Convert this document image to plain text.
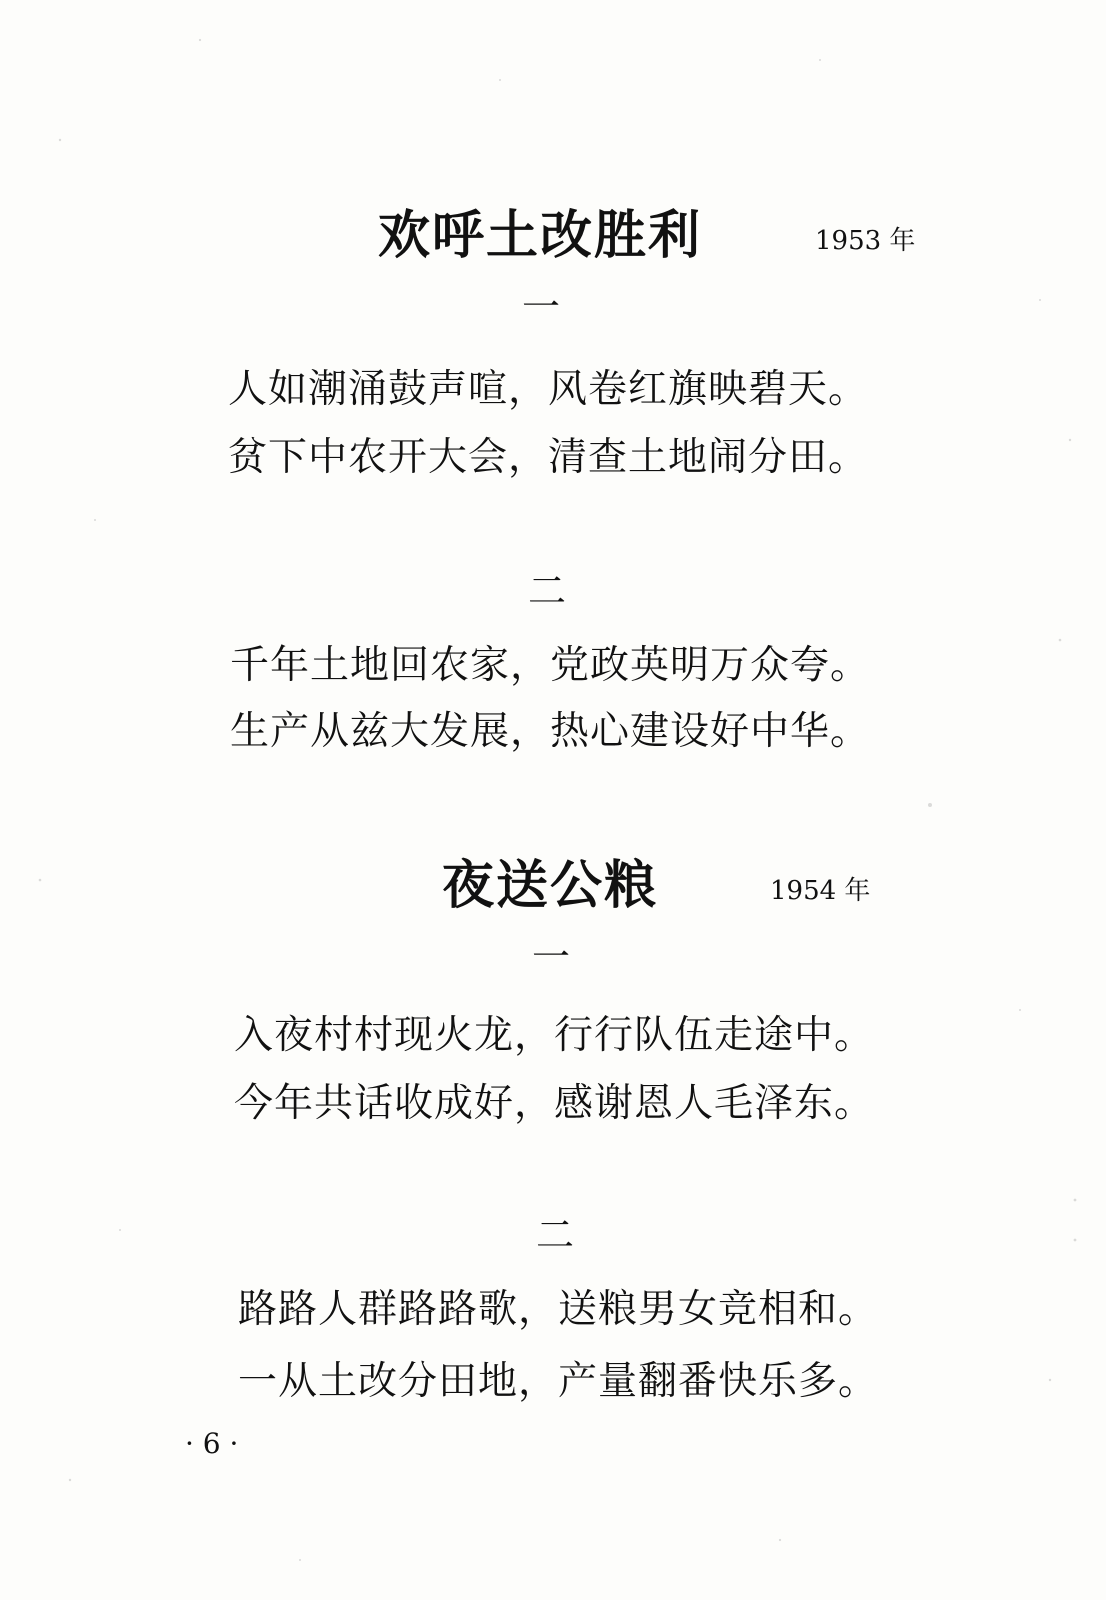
欢呼土改胜利	1953 年
一
人如潮涌鼓声喧，风卷红旗映碧天。
贫下中农开大会，清查土地闹分田。
二
千年土地回农家，党政英明万众夸。
生产从兹大发展，热心建设好中华。
夜送公粮	1954 年
一
入夜村村现火龙，行行队伍走途中。
今年共话收成好，感谢恩人毛泽东。
二
路路人群路路歌，送粮男女竞相和。
一从土改分田地，产量翻番快乐多。
· 6 ·
